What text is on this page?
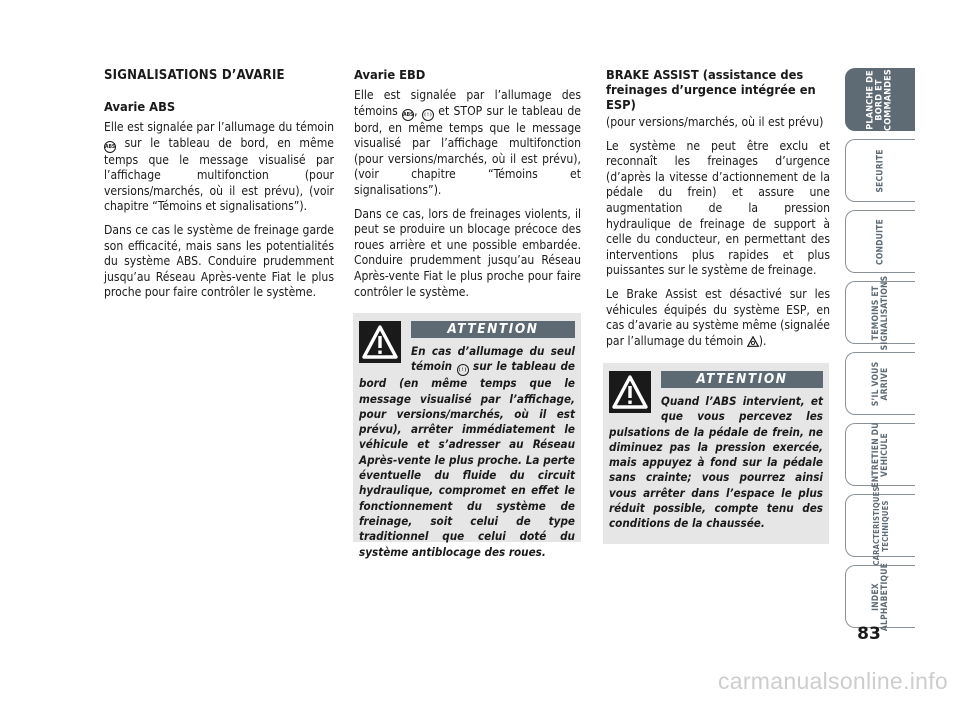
SIGNALISATIONS D’AVARIE
Avarie ABS

Elle est signalée par l’allumage du témoin ABS sur le tableau de bord, en même temps que le message visualisé par l’affichage multifonction (pour versions/marchés, où il est prévu), (voir chapitre “Témoins et signalisations”).

Dans ce cas le système de freinage garde son efficacité, mais sans les potentialités du système ABS. Conduire prudemment jusqu’au Réseau Après-vente Fiat le plus proche pour faire contrôler le système.

Avarie EBD

Elle est signalée par l’allumage des témoins ABS, ( ! ) et STOP sur le tableau de bord, en même temps que le message visualisé par l’affichage multifonction (pour versions/marchés, où il est prévu), (voir chapitre “Témoins et signalisations”).

Dans ce cas, lors de freinages violents, il peut se produire un blocage précoce des roues arrière et une possible embardée. Conduire prudemment jusqu’au Réseau Après-vente Fiat le plus proche pour faire contrôler le système.

BRAKE ASSIST (assistance des freinages d’urgence intégrée en ESP)

(pour versions/marchés, où il est prévu)

Le système ne peut être exclu et reconnaît les freinages d’urgence (d’après la vitesse d’actionnement de la pédale du frein) et assure une augmentation de la pression hydraulique de freinage de support à celle du conducteur, en permettant des interventions plus rapides et plus puissantes sur le système de freinage.

Le Brake Assist est désactivé sur les véhicules équipés du système ESP, en cas d’avarie au système même (signalée par l’allumage du témoin ).

ATTENTION

En cas d’allumage du seul témoin ( ! ) sur le tableau de bord (en même temps que le message visualisé par l’affichage, pour versions/marchés, où il est prévu), arrêter immédiatement le véhicule et s’adresser au Réseau Après-vente le plus proche. La perte éventuelle du fluide du circuit hydraulique, compromet en effet le fonctionnement du système de freinage, soit celui de type traditionnel que celui doté du système antiblocage des roues.

ATTENTION

Quand l’ABS intervient, et que vous percevez les pulsations de la pédale de frein, ne diminuez pas la pression exercée, mais appuyez à fond sur la pédale sans crainte; vous pourrez ainsi vous arrêter dans l’espace le plus réduit possible, compte tenu des conditions de la chaussée.

PLANCHE DE
BORD ET
COMMANDES
SECURITE
CONDUITE
TEMOINS ET
SIGNALISATIONS
S’IL VOUS
ARRIVE
ENTRETIEN DU
VEHICULE
CARACTERISTIQUES
TECHNIQUES
INDEX
ALPHABETIQUE
83
carmanualsonline.info
